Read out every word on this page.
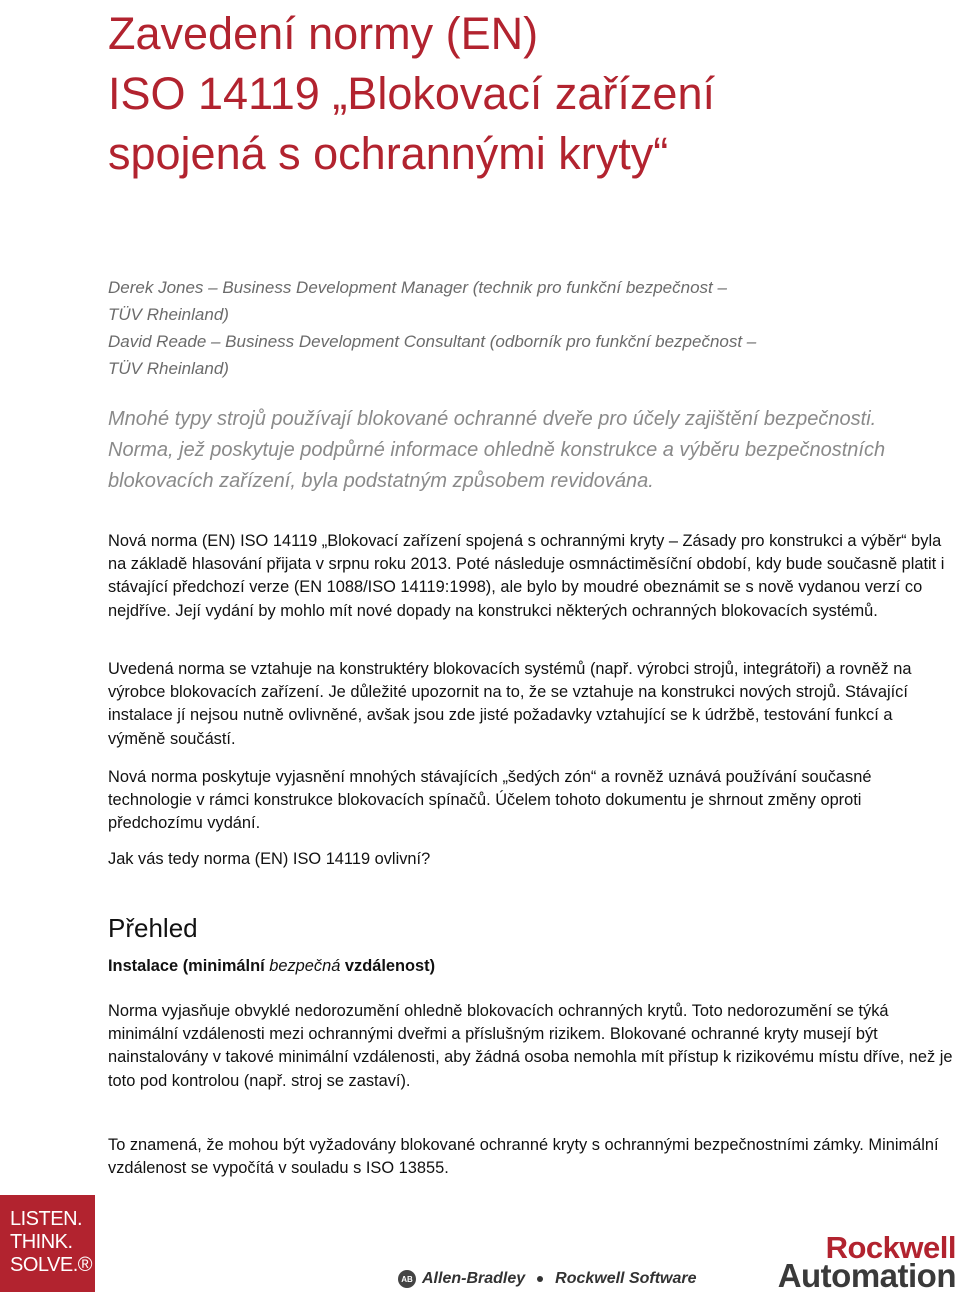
Zavedení normy (EN)
ISO 14119 „Blokovací zařízení
spojená s ochrannými kryty“
Derek Jones – Business Development Manager (technik pro funkční bezpečnost –
TÜV Rheinland)
David Reade – Business Development Consultant (odborník pro funkční bezpečnost –
TÜV Rheinland)

Mnohé typy strojů používají blokované ochranné dveře pro účely zajištění bezpečnosti. Norma, jež poskytuje podpůrné informace ohledně konstrukce a výběru bezpečnostních blokovacích zařízení, byla podstatným způsobem revidována.

Nová norma (EN) ISO 14119 „Blokovací zařízení spojená s ochrannými kryty – Zásady pro konstrukci a výběr“ byla na základě hlasování přijata v srpnu roku 2013. Poté následuje osmnáctiměsíční období, kdy bude současně platit i stávající předchozí verze (EN 1088/ISO 14119:1998), ale bylo by moudré obeznámit se s nově vydanou verzí co nejdříve. Její vydání by mohlo mít nové dopady na konstrukci některých ochranných blokovacích systémů.

Uvedená norma se vztahuje na konstruktéry blokovacích systémů (např. výrobci strojů, integrátoři) a rovněž na výrobce blokovacích zařízení. Je důležité upozornit na to, že se vztahuje na konstrukci nových strojů. Stávající instalace jí nejsou nutně ovlivněné, avšak jsou zde jisté požadavky vztahující se k údržbě, testování funkcí a výměně součástí.

Nová norma poskytuje vyjasnění mnohých stávajících „šedých zón“ a rovněž uznává používání současné technologie v rámci konstrukce blokovacích spínačů. Účelem tohoto dokumentu je shrnout změny oproti předchozímu vydání.

Jak vás tedy norma (EN) ISO 14119 ovlivní?

Přehled

Instalace (minimální bezpečná vzdálenost)

Norma vyjasňuje obvyklé nedorozumění ohledně blokovacích ochranných krytů. Toto nedorozumění se týká minimální vzdálenosti mezi ochrannými dveřmi a příslušným rizikem. Blokované ochranné kryty musejí být nainstalovány v takové minimální vzdálenosti, aby žádná osoba nemohla mít přístup k rizikovému místu dříve, než je toto pod kontrolou (např. stroj se zastaví).

To znamená, že mohou být vyžadovány blokované ochranné kryty s ochrannými bezpečnostními zámky. Minimální vzdálenost se vypočítá v souladu s ISO 13855.

LISTEN.
THINK.
SOLVE.®
AB Allen-Bradley Rockwell Software
Rockwell
Automation
